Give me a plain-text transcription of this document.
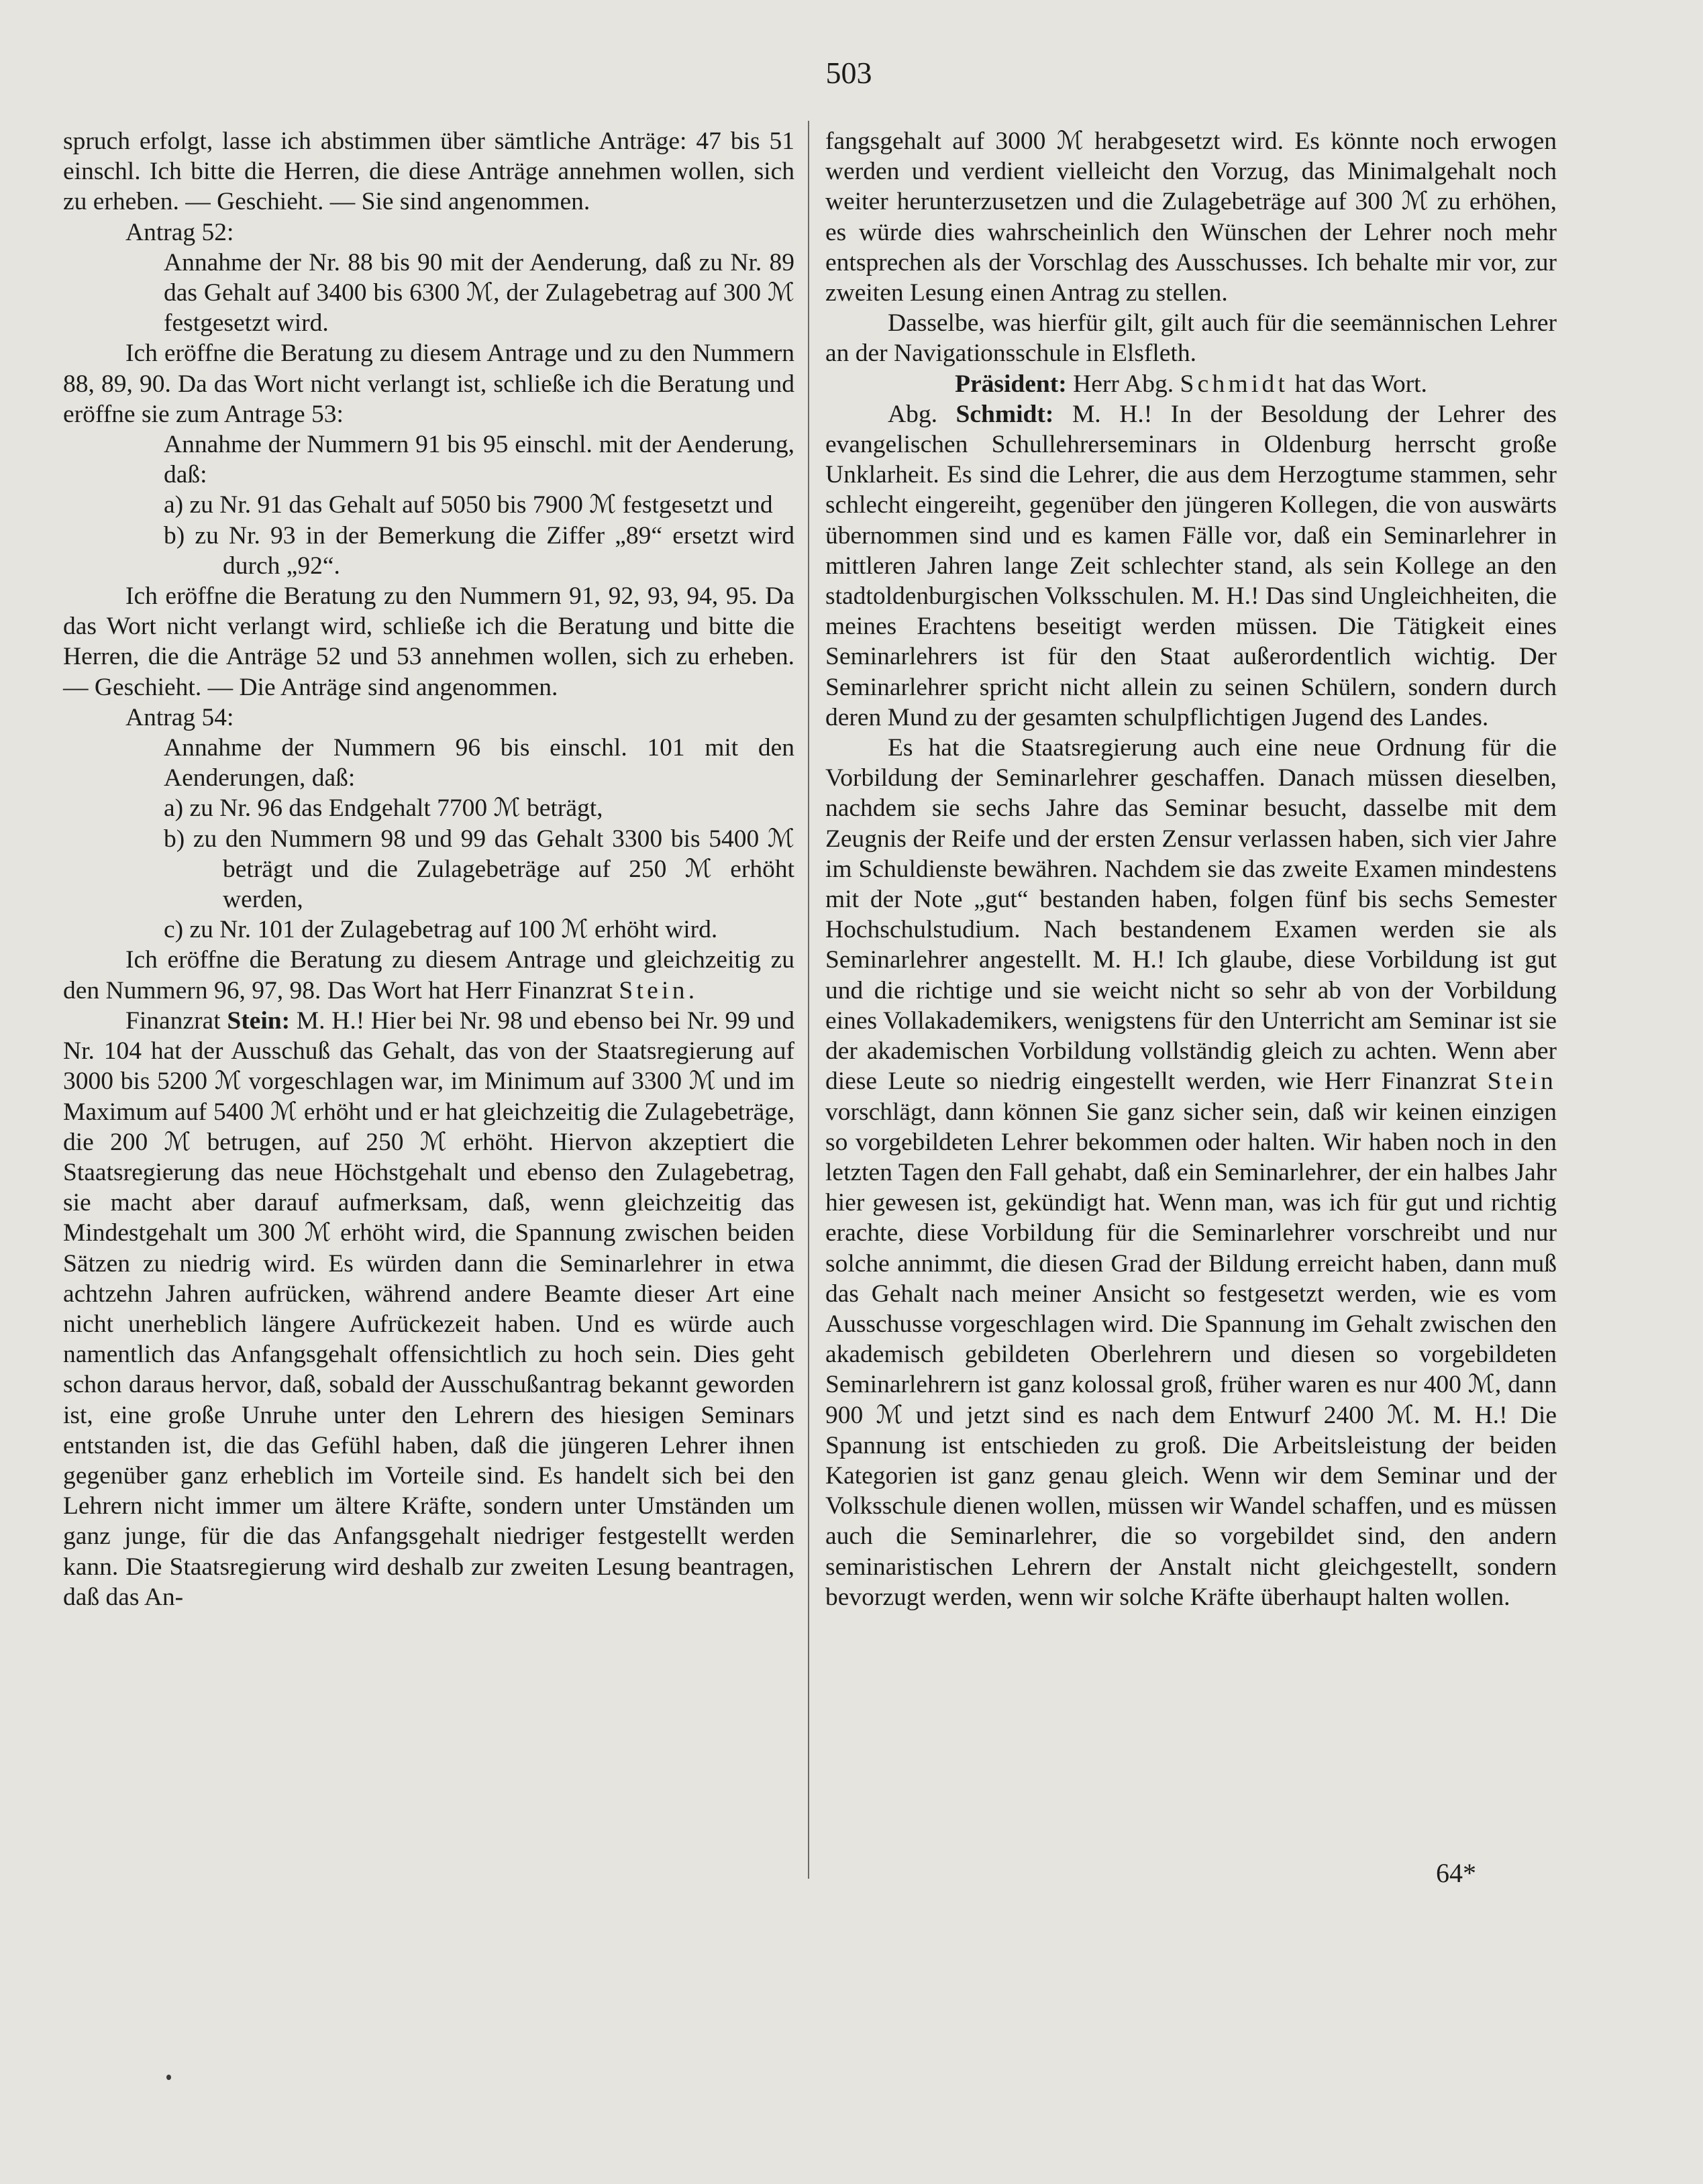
503

spruch erfolgt, lasse ich abstimmen über sämtliche Anträge: 47 bis 51 einschl. Ich bitte die Herren, die diese Anträge annehmen wollen, sich zu erheben. — Geschieht. — Sie sind angenommen.

Antrag 52:

Annahme der Nr. 88 bis 90 mit der Aenderung, daß zu Nr. 89 das Gehalt auf 3400 bis 6300 ℳ, der Zulagebetrag auf 300 ℳ festgesetzt wird.

Ich eröffne die Beratung zu diesem Antrage und zu den Nummern 88, 89, 90. Da das Wort nicht verlangt ist, schließe ich die Beratung und eröffne sie zum Antrage 53:

Annahme der Nummern 91 bis 95 einschl. mit der Aenderung, daß:

a) zu Nr. 91 das Gehalt auf 5050 bis 7900 ℳ festgesetzt und

b) zu Nr. 93 in der Bemerkung die Ziffer „89“ ersetzt wird durch „92“.

Ich eröffne die Beratung zu den Nummern 91, 92, 93, 94, 95. Da das Wort nicht verlangt wird, schließe ich die Beratung und bitte die Herren, die die Anträge 52 und 53 annehmen wollen, sich zu erheben. — Geschieht. — Die Anträge sind angenommen.

Antrag 54:

Annahme der Nummern 96 bis einschl. 101 mit den Aenderungen, daß:

a) zu Nr. 96 das Endgehalt 7700 ℳ beträgt,

b) zu den Nummern 98 und 99 das Gehalt 3300 bis 5400 ℳ beträgt und die Zulagebeträge auf 250 ℳ erhöht werden,

c) zu Nr. 101 der Zulagebetrag auf 100 ℳ erhöht wird.

Ich eröffne die Beratung zu diesem Antrage und gleichzeitig zu den Nummern 96, 97, 98. Das Wort hat Herr Finanzrat Stein.

Finanzrat Stein: M. H.! Hier bei Nr. 98 und ebenso bei Nr. 99 und Nr. 104 hat der Ausschuß das Gehalt, das von der Staatsregierung auf 3000 bis 5200 ℳ vorgeschlagen war, im Minimum auf 3300 ℳ und im Maximum auf 5400 ℳ erhöht und er hat gleichzeitig die Zulagebeträge, die 200 ℳ betrugen, auf 250 ℳ erhöht. Hiervon akzeptiert die Staatsregierung das neue Höchstgehalt und ebenso den Zulagebetrag, sie macht aber darauf aufmerksam, daß, wenn gleichzeitig das Mindestgehalt um 300 ℳ erhöht wird, die Spannung zwischen beiden Sätzen zu niedrig wird. Es würden dann die Seminarlehrer in etwa achtzehn Jahren aufrücken, während andere Beamte dieser Art eine nicht unerheblich längere Aufrückezeit haben. Und es würde auch namentlich das Anfangsgehalt offensichtlich zu hoch sein. Dies geht schon daraus hervor, daß, sobald der Ausschußantrag bekannt geworden ist, eine große Unruhe unter den Lehrern des hiesigen Seminars entstanden ist, die das Gefühl haben, daß die jüngeren Lehrer ihnen gegenüber ganz erheblich im Vorteile sind. Es handelt sich bei den Lehrern nicht immer um ältere Kräfte, sondern unter Umständen um ganz junge, für die das Anfangsgehalt niedriger festgestellt werden kann. Die Staatsregierung wird deshalb zur zweiten Lesung beantragen, daß das An-

fangsgehalt auf 3000 ℳ herabgesetzt wird. Es könnte noch erwogen werden und verdient vielleicht den Vorzug, das Minimalgehalt noch weiter herunterzusetzen und die Zulagebeträge auf 300 ℳ zu erhöhen, es würde dies wahrscheinlich den Wünschen der Lehrer noch mehr entsprechen als der Vorschlag des Ausschusses. Ich behalte mir vor, zur zweiten Lesung einen Antrag zu stellen.

Dasselbe, was hierfür gilt, gilt auch für die seemännischen Lehrer an der Navigationsschule in Elsfleth.

Präsident: Herr Abg. Schmidt hat das Wort.

Abg. Schmidt: M. H.! In der Besoldung der Lehrer des evangelischen Schullehrerseminars in Oldenburg herrscht große Unklarheit. Es sind die Lehrer, die aus dem Herzogtume stammen, sehr schlecht eingereiht, gegenüber den jüngeren Kollegen, die von auswärts übernommen sind und es kamen Fälle vor, daß ein Seminarlehrer in mittleren Jahren lange Zeit schlechter stand, als sein Kollege an den stadtoldenburgischen Volksschulen. M. H.! Das sind Ungleichheiten, die meines Erachtens beseitigt werden müssen. Die Tätigkeit eines Seminarlehrers ist für den Staat außerordentlich wichtig. Der Seminarlehrer spricht nicht allein zu seinen Schülern, sondern durch deren Mund zu der gesamten schulpflichtigen Jugend des Landes.

Es hat die Staatsregierung auch eine neue Ordnung für die Vorbildung der Seminarlehrer geschaffen. Danach müssen dieselben, nachdem sie sechs Jahre das Seminar besucht, dasselbe mit dem Zeugnis der Reife und der ersten Zensur verlassen haben, sich vier Jahre im Schuldienste bewähren. Nachdem sie das zweite Examen mindestens mit der Note „gut“ bestanden haben, folgen fünf bis sechs Semester Hochschulstudium. Nach bestandenem Examen werden sie als Seminarlehrer angestellt. M. H.! Ich glaube, diese Vorbildung ist gut und die richtige und sie weicht nicht so sehr ab von der Vorbildung eines Vollakademikers, wenigstens für den Unterricht am Seminar ist sie der akademischen Vorbildung vollständig gleich zu achten. Wenn aber diese Leute so niedrig eingestellt werden, wie Herr Finanzrat Stein vorschlägt, dann können Sie ganz sicher sein, daß wir keinen einzigen so vorgebildeten Lehrer bekommen oder halten. Wir haben noch in den letzten Tagen den Fall gehabt, daß ein Seminarlehrer, der ein halbes Jahr hier gewesen ist, gekündigt hat. Wenn man, was ich für gut und richtig erachte, diese Vorbildung für die Seminarlehrer vorschreibt und nur solche annimmt, die diesen Grad der Bildung erreicht haben, dann muß das Gehalt nach meiner Ansicht so festgesetzt werden, wie es vom Ausschusse vorgeschlagen wird. Die Spannung im Gehalt zwischen den akademisch gebildeten Oberlehrern und diesen so vorgebildeten Seminarlehrern ist ganz kolossal groß, früher waren es nur 400 ℳ, dann 900 ℳ und jetzt sind es nach dem Entwurf 2400 ℳ. M. H.! Die Spannung ist entschieden zu groß. Die Arbeitsleistung der beiden Kategorien ist ganz genau gleich. Wenn wir dem Seminar und der Volksschule dienen wollen, müssen wir Wandel schaffen, und es müssen auch die Seminarlehrer, die so vorgebildet sind, den andern seminaristischen Lehrern der Anstalt nicht gleichgestellt, sondern bevorzugt werden, wenn wir solche Kräfte überhaupt halten wollen.

64*
